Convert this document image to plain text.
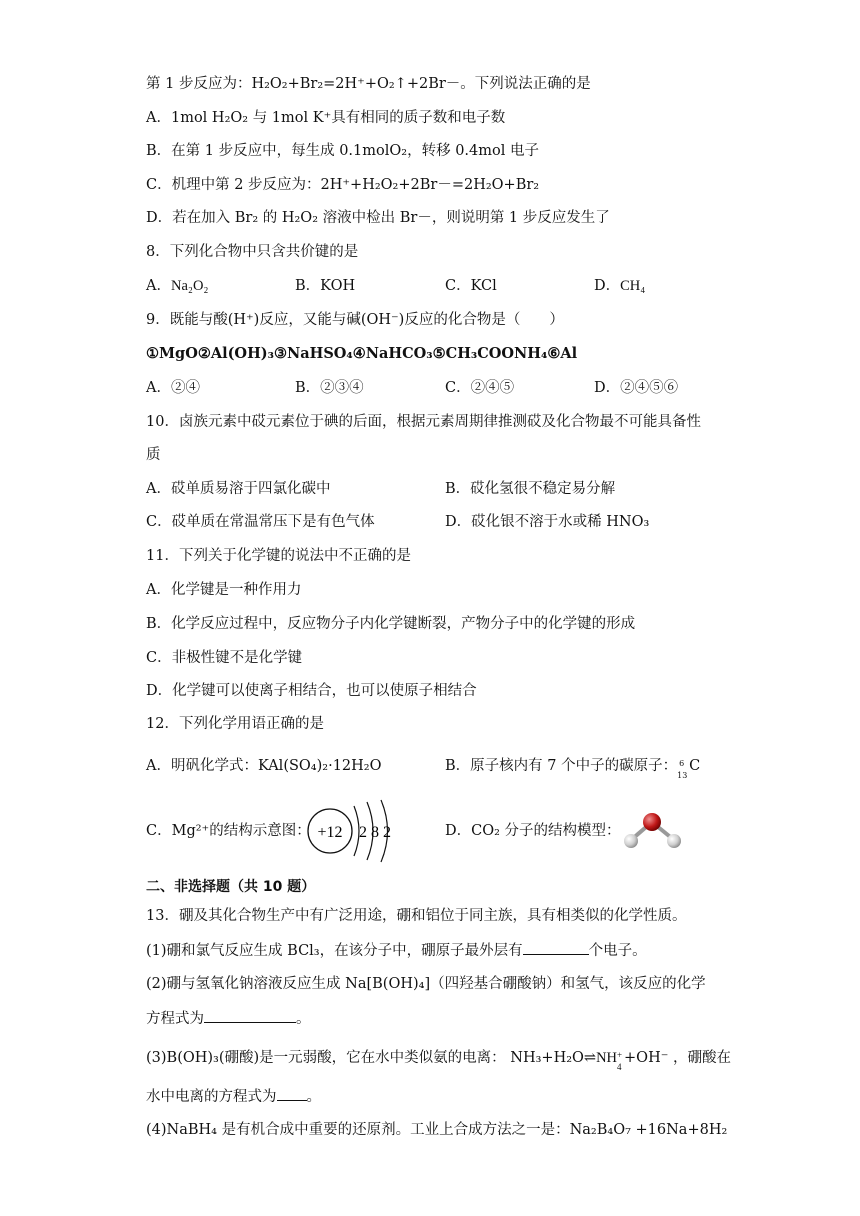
第 1 步反应为：H₂O₂+Br₂=2H⁺+O₂↑+2Br－。下列说法正确的是
A．1mol H₂O₂ 与 1mol K⁺具有相同的质子数和电子数
B．在第 1 步反应中，每生成 0.1molO₂，转移 0.4mol 电子
C．机理中第 2 步反应为：2H⁺+H₂O₂+2Br－=2H₂O+Br₂
D．若在加入 Br₂ 的 H₂O₂ 溶液中检出 Br－，则说明第 1 步反应发生了
8．下列化合物中只含共价键的是
A．Na₂O₂	B．KOH	C．KCl	D．CH₄
9．既能与酸(H⁺)反应，又能与碱(OH⁻)反应的化合物是（　　）
①MgO②Al(OH)₃③NaHSO₄④NaHCO₃⑤CH₃COONH₄⑥Al
A．②④	B．②③④	C．②④⑤	D．②④⑤⑥
10．卤族元素中砹元素位于碘的后面，根据元素周期律推测砹及化合物最不可能具备性
质
A．砹单质易溶于四氯化碳中	B．砹化氢很不稳定易分解
C．砹单质在常温常压下是有色气体	D．砹化银不溶于水或稀 HNO₃
11．下列关于化学键的说法中不正确的是
A．化学键是一种作用力
B．化学反应过程中，反应物分子内化学键断裂，产物分子中的化学键的形成
C．非极性键不是化学键
D．化学键可以使离子相结合，也可以使原子相结合
12．下列化学用语正确的是
A．明矾化学式：KAl(SO₄)₂·12H₂O	B．原子核内有 7 个中子的碳原子： 6
13
C
C．Mg²⁺的结构示意图： +12 2 8 2	D．CO₂ 分子的结构模型：
二、非选择题（共 10 题）
13．硼及其化合物生产中有广泛用途，硼和铝位于同主族，具有相类似的化学性质。
(1)硼和氯气反应生成 BCl₃，在该分子中，硼原子最外层有	个电子。
(2)硼与氢氧化钠溶液反应生成 Na[B(OH)₄]（四羟基合硼酸钠）和氢气，该反应的化学
方程式为	。
(3)B(OH)₃(硼酸)是一元弱酸，它在水中类似氨的电离： NH₃+H₂O⇌NH +
4
+OH⁻ ，硼酸在
水中电离的方程式为 。
(4)NaBH₄ 是有机合成中重要的还原剂。工业上合成方法之一是：Na₂B₄O₇ +16Na+8H₂
